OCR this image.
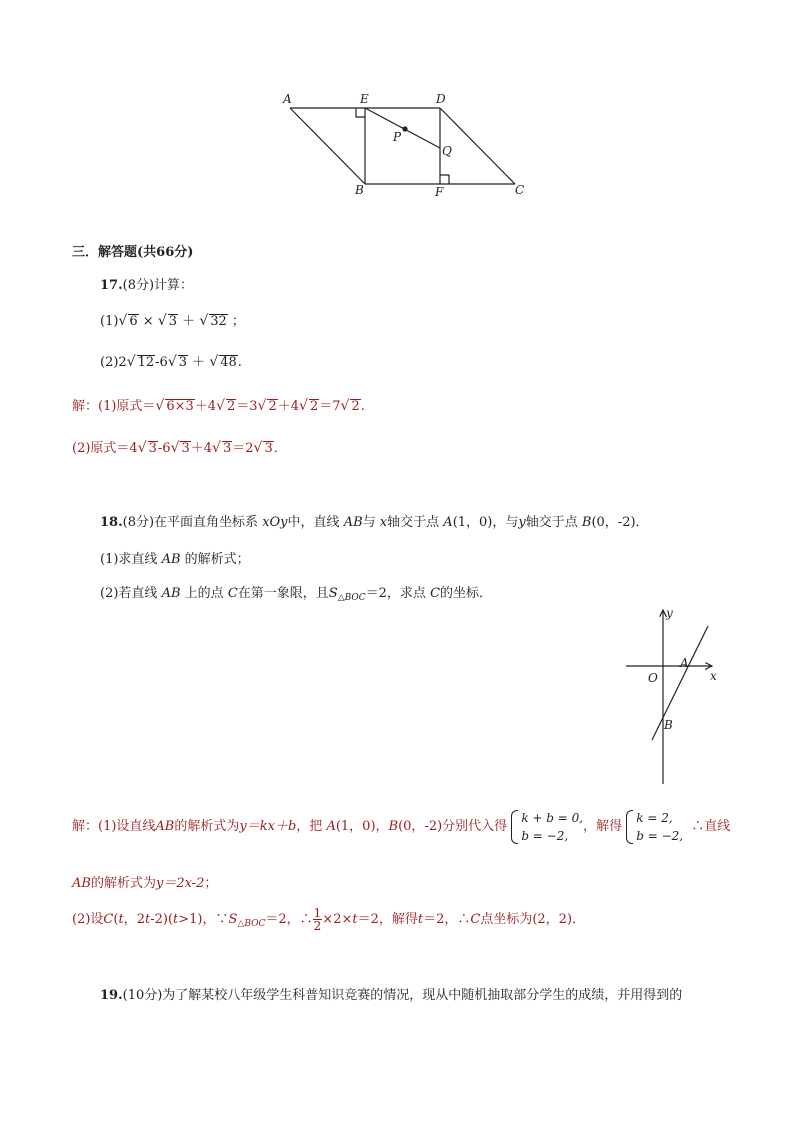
A	E	D
P
Q
B	F	C
三．解答题(共66分)
17.(8分)计算：
(1)√ 6 × √ 3 ＋ √ 32 ；
(2)2√ 12-6√ 3 ＋ √ 48.
解：(1)原式＝√ 6×3＋4√ 2＝3√ 2＋4√ 2＝7√ 2.
(2)原式＝4√ 3-6√ 3＋4√ 3＝2√ 3．
18.(8分)在平面直角坐标系 xOy中，直线 AB与 x轴交于点 A(1，0)，与y轴交于点 B(0，-2)．
(1)求直线 AB 的解析式；
(2)若直线 AB 上的点 C在第一象限，且$S_{\triangle BOC}=2$，求点 C的坐标．
y
x
O
A
B
解：(1)设直线AB的解析式为y＝kx＋b，把 A(1，0)，B(0，-2)分别代入得
k + b = 0,
b = −2,
，解得
k = 2,
b = −2,
∴直线
AB的解析式为y＝2x-2；
(2)设C(t，2t-2)(t>1)，$\because S_{\triangle BOC}=2$，∴ $\frac{1}{2} \times 2\times t=2$，解得t＝2，∴C点坐标为(2，2)．
19.(10分)为了解某校八年级学生科普知识竞赛的情况，现从中随机抽取部分学生的成绩，并用得到的
